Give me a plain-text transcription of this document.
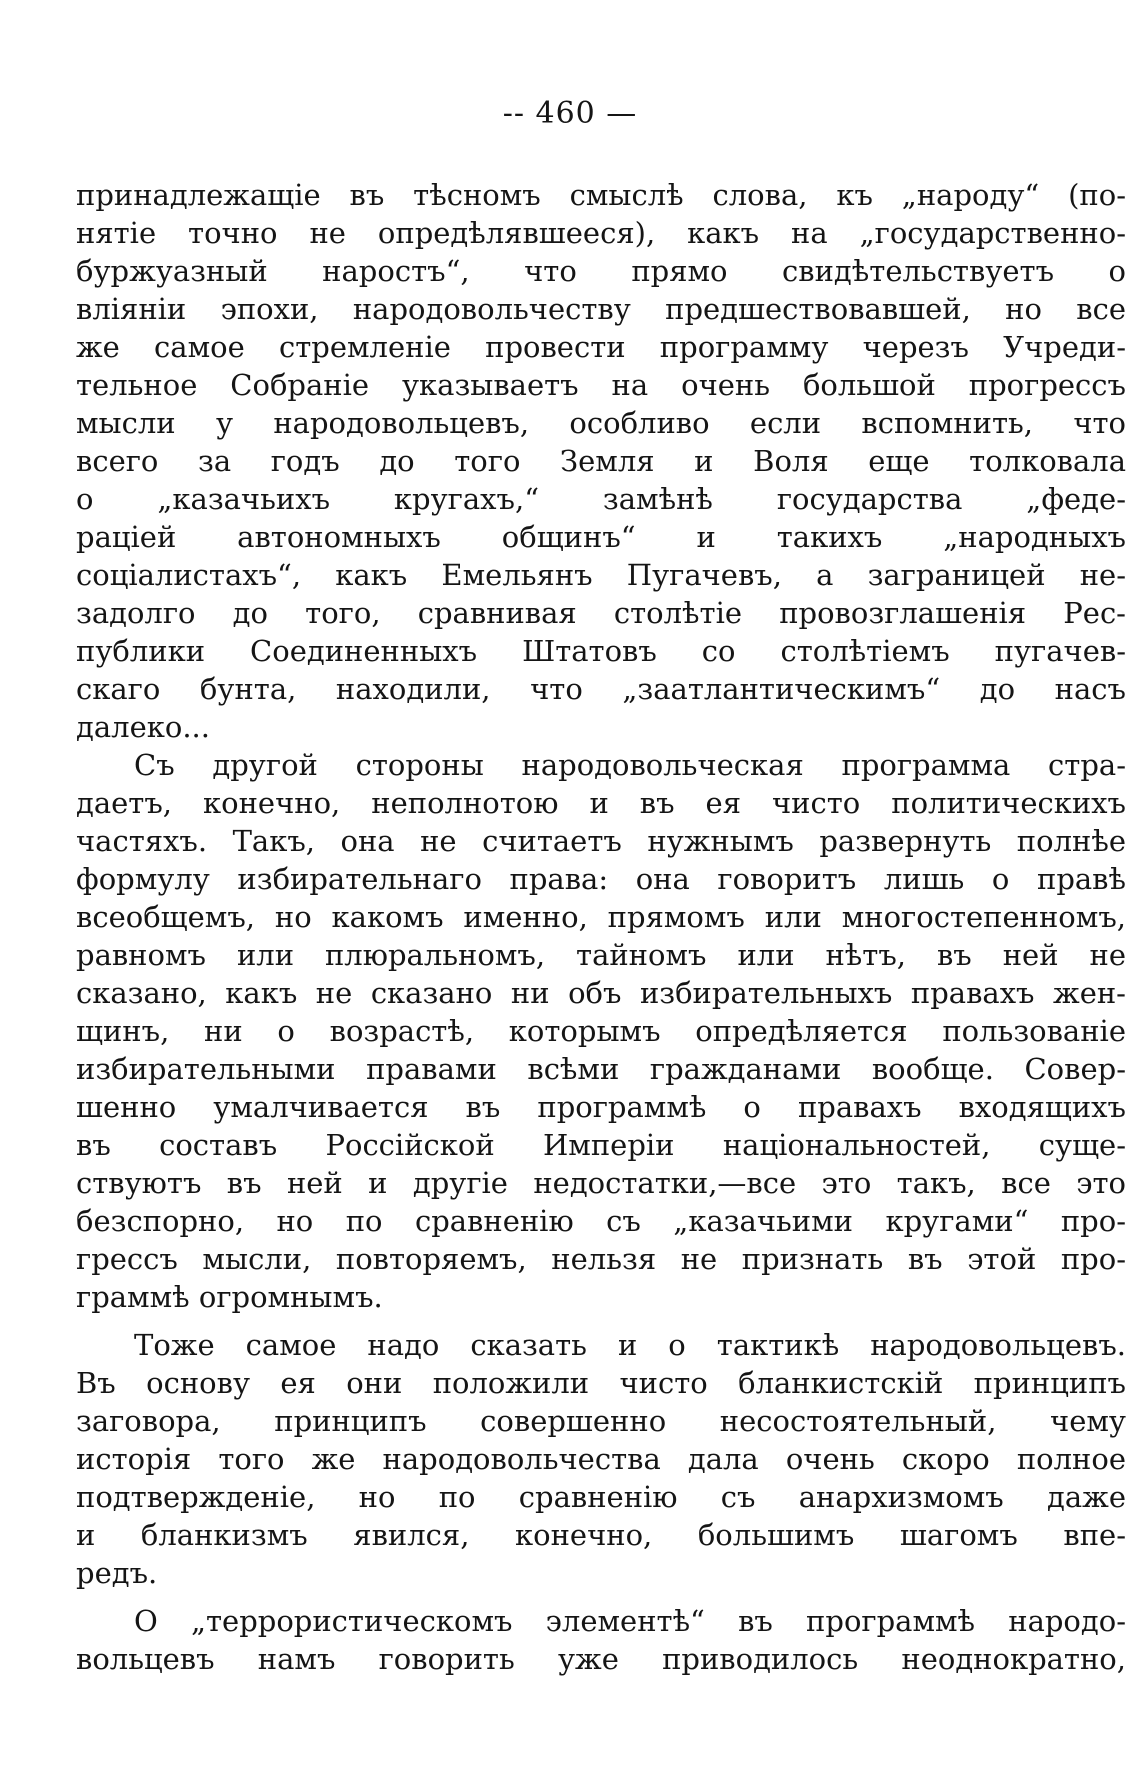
-- 460 —
принадлежащіе въ тѣсномъ смыслѣ слова, къ „народу“ (по-
нятіе точно не опредѣлявшееся), какъ на „государственно-
буржуазный наростъ“, что прямо свидѣтельствуетъ о
вліяніи эпохи, народовольчеству предшествовавшей, но все
же самое стремленіе провести программу черезъ Учреди-
тельное Собраніе указываетъ на очень большой прогрессъ
мысли у народовольцевъ, особливо если вспомнить, что
всего за годъ до того Земля и Воля еще толковала
о „казачьихъ кругахъ,“ замѣнѣ государства „феде-
раціей автономныхъ общинъ“ и такихъ „народныхъ
соціалистахъ“, какъ Емельянъ Пугачевъ, а заграницей не-
задолго до того, сравнивая столѣтіе провозглашенія Рес-
публики Соединенныхъ Штатовъ со столѣтіемъ пугачев-
скаго бунта, находили, что „заатлантическимъ“ до насъ
далеко...
Съ другой стороны народовольческая программа стра-
даетъ, конечно, неполнотою и въ ея чисто политическихъ
частяхъ. Такъ, она не считаетъ нужнымъ развернуть полнѣе
формулу избирательнаго права: она говоритъ лишь о правѣ
всеобщемъ, но какомъ именно, прямомъ или многостепенномъ,
равномъ или плюральномъ, тайномъ или нѣтъ, въ ней не
сказано, какъ не сказано ни объ избирательныхъ правахъ жен-
щинъ, ни о возрастѣ, которымъ опредѣляется пользованіе
избирательными правами всѣми гражданами вообще. Совер-
шенно умалчивается въ программѣ о правахъ входящихъ
въ составъ Россійской Имперіи національностей, суще-
ствуютъ въ ней и другіе недостатки,—все это такъ, все это
безспорно, но по сравненію съ „казачьими кругами“ про-
грессъ мысли, повторяемъ, нельзя не признать въ этой про-
граммѣ огромнымъ.
Тоже самое надо сказать и о тактикѣ народовольцевъ.
Въ основу ея они положили чисто бланкистскій принципъ
заговора, принципъ совершенно несостоятельный, чему
исторія того же народовольчества дала очень скоро полное
подтвержденіе, но по сравненію съ анархизмомъ даже
и бланкизмъ явился, конечно, большимъ шагомъ впе-
редъ.
О „террористическомъ элементѣ“ въ программѣ народо-
вольцевъ намъ говорить уже приводилось неоднократно,
